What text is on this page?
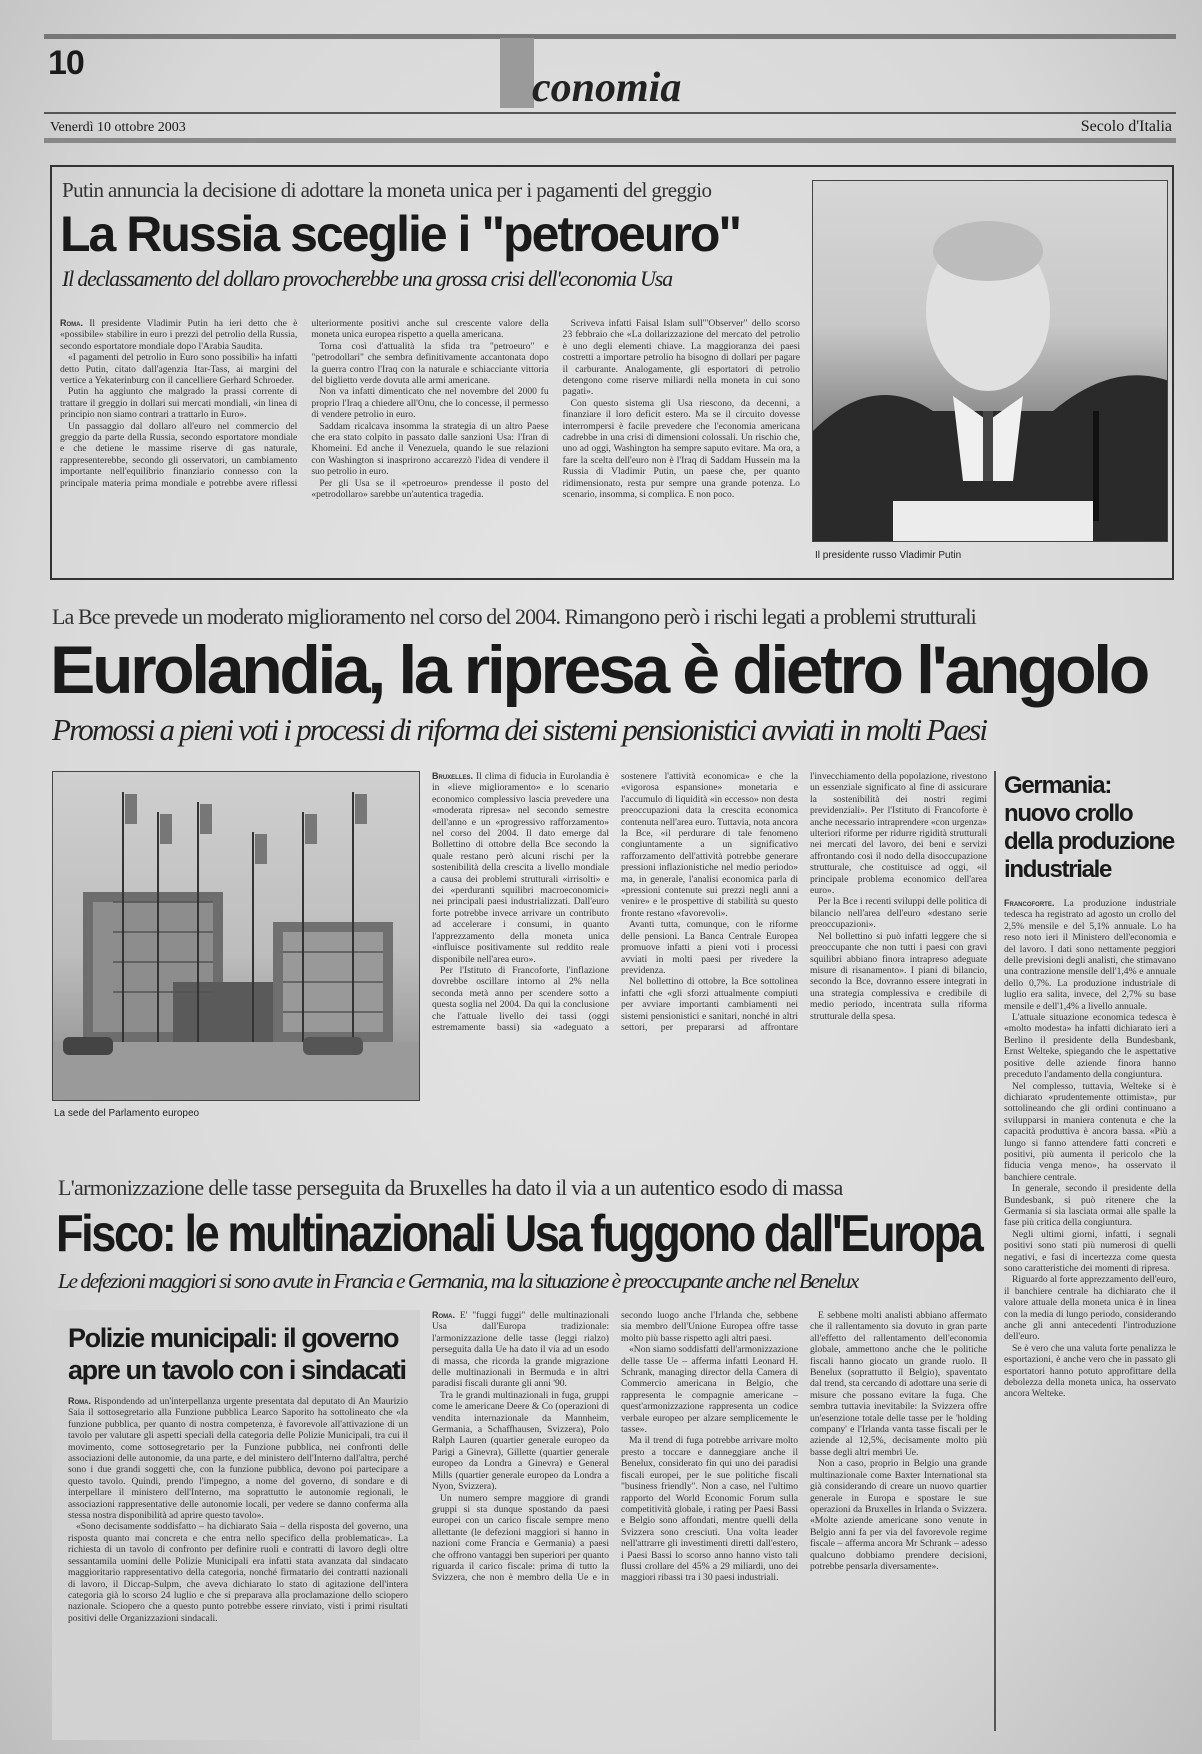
10
conomia
Venerdì 10 ottobre 2003	Secolo d'Italia
Putin annuncia la decisione di adottare la moneta unica per i pagamenti del greggio
La Russia sceglie i "petroeuro"
Il declassamento del dollaro provocherebbe una grossa crisi dell'economia Usa

Roma. Il presidente Vladimir Putin ha ieri detto che è «possibile» stabilire in euro i prezzi del petrolio della Russia, secondo esportatore mondiale dopo l'Arabia Saudita.

«I pagamenti del petrolio in Euro sono possibili» ha infatti detto Putin, citato dall'agenzia Itar-Tass, ai margini del vertice a Yekaterinburg con il cancelliere Gerhard Schroeder.

Putin ha aggiunto che malgrado la prassi corrente di trattare il greggio in dollari sui mercati mondiali, «in linea di principio non siamo contrari a trattarlo in Euro».

Un passaggio dal dollaro all'euro nel commercio del greggio da parte della Russia, secondo esportatore mondiale e che detiene le massime riserve di gas naturale, rappresenterebbe, secondo gli osservatori, un cambiamento importante nell'equilibrio finanziario connesso con la principale materia prima mondiale e potrebbe avere riflessi ulteriormente positivi anche sul crescente valore della moneta unica europea rispetto a quella americana.

Torna così d'attualità la sfida tra "petroeuro" e "petrodollari" che sembra definitivamente accantonata dopo la guerra contro l'Iraq con la naturale e schiacciante vittoria del biglietto verde dovuta alle armi americane.

Non va infatti dimenticato che nel novembre del 2000 fu proprio l'Iraq a chiedere all'Onu, che lo concesse, il permesso di vendere petrolio in euro.

Saddam ricalcava insomma la strategia di un altro Paese che era stato colpito in passato dalle sanzioni Usa: l'Iran di Khomeini. Ed anche il Venezuela, quando le sue relazioni con Washington si inasprirono accarezzò l'idea di vendere il suo petrolio in euro.

Per gli Usa se il «petroeuro» prendesse il posto del «petrodollaro» sarebbe un'autentica tragedia.

Scriveva infatti Faisal Islam sull'"Observer" dello scorso 23 febbraio che «La dollarizzazione del mercato del petrolio è uno degli elementi chiave. La maggioranza dei paesi costretti a importare petrolio ha bisogno di dollari per pagare il carburante. Analogamente, gli esportatori di petrolio detengono come riserve miliardi nella moneta in cui sono pagati».

Con questo sistema gli Usa riescono, da decenni, a finanziare il loro deficit estero. Ma se il circuito dovesse interrompersi è facile prevedere che l'economia americana cadrebbe in una crisi di dimensioni colossali. Un rischio che, uno ad oggi, Washington ha sempre saputo evitare. Ma ora, a fare la scelta dell'euro non è l'Iraq di Saddam Hussein ma la Russia di Vladimir Putin, un paese che, per quanto ridimensionato, resta pur sempre una grande potenza. Lo scenario, insomma, si complica. E non poco.

Il presidente russo Vladimir Putin
La Bce prevede un moderato miglioramento nel corso del 2004. Rimangono però i rischi legati a problemi strutturali
Eurolandia, la ripresa è dietro l'angolo
Promossi a pieni voti i processi di riforma dei sistemi pensionistici avviati in molti Paesi
La sede del Parlamento europeo

Bruxelles. Il clima di fiducia in Eurolandia è in «lieve miglioramento» e lo scenario economico complessivo lascia prevedere una «moderata ripresa» nel secondo semestre dell'anno e un «progressivo rafforzamento» nel corso del 2004. Il dato emerge dal Bollettino di ottobre della Bce secondo la quale restano però alcuni rischi per la sostenibilità della crescita a livello mondiale a causa dei problemi strutturali «irrisolti» e dei «perduranti squilibri macroeconomici» nei principali paesi industrializzati. Dall'euro forte potrebbe invece arrivare un contributo ad accelerare i consumi, in quanto l'apprezzamento della moneta unica «influisce positivamente sul reddito reale disponibile nell'area euro».

Per l'Istituto di Francoforte, l'inflazione dovrebbe oscillare intorno al 2% nella seconda metà anno per scendere sotto a questa soglia nel 2004. Da qui la conclusione che l'attuale livello dei tassi (oggi estremamente bassi) sia «adeguato a sostenere l'attività economica» e che la «vigorosa espansione» monetaria e l'accumulo di liquidità «in eccesso» non desta preoccupazioni data la crescita economica contenuta nell'area euro. Tuttavia, nota ancora la Bce, «il perdurare di tale fenomeno congiuntamente a un significativo rafforzamento dell'attività potrebbe generare pressioni inflazionistiche nel medio periodo» ma, in generale, l'analisi economica parla di «pressioni contenute sui prezzi negli anni a venire» e le prospettive di stabilità su questo fronte restano «favorevoli».

Avanti tutta, comunque, con le riforme delle pensioni. La Banca Centrale Europea promuove infatti a pieni voti i processi avviati in molti paesi per rivedere la previdenza.

Nel bollettino di ottobre, la Bce sottolinea infatti che «gli sforzi attualmente compiuti per avviare importanti cambiamenti nei sistemi pensionistici e sanitari, nonché in altri settori, per prepararsi ad affrontare l'invecchiamento della popolazione, rivestono un essenziale significato al fine di assicurare la sostenibilità dei nostri regimi previdenziali». Per l'Istituto di Francoforte è anche necessario intraprendere «con urgenza» ulteriori riforme per ridurre rigidità strutturali nei mercati del lavoro, dei beni e servizi affrontando così il nodo della disoccupazione strutturale, che costituisce ad oggi, «il principale problema economico dell'area euro».

Per la Bce i recenti sviluppi delle politica di bilancio nell'area dell'euro «destano serie preoccupazioni».

Nel bollettino si può infatti leggere che si preoccupante che non tutti i paesi con gravi squilibri abbiano finora intrapreso adeguate misure di risanamento». I piani di bilancio, secondo la Bce, dovranno essere integrati in una strategia complessiva e credibile di medio periodo, incentrata sulla riforma strutturale della spesa.

Germania: nuovo crollo della produzione industriale

Francoforte. La produzione industriale tedesca ha registrato ad agosto un crollo del 2,5% mensile e del 5,1% annuale. Lo ha reso noto ieri il Ministero dell'economia e del lavoro. I dati sono nettamente peggiori delle previsioni degli analisti, che stimavano una contrazione mensile dell'1,4% e annuale dello 0,7%. La produzione industriale di luglio era salita, invece, del 2,7% su base mensile e dell'1,4% a livello annuale.

L'attuale situazione economica tedesca è «molto modesta» ha infatti dichiarato ieri a Berlino il presidente della Bundesbank, Ernst Welteke, spiegando che le aspettative positive delle aziende finora hanno preceduto l'andamento della congiuntura.

Nel complesso, tuttavia, Welteke si è dichiarato «prudentemente ottimista», pur sottolineando che gli ordini continuano a svilupparsi in maniera contenuta e che la capacità produttiva è ancora bassa. «Più a lungo si fanno attendere fatti concreti e positivi, più aumenta il pericolo che la fiducia venga meno», ha osservato il banchiere centrale.

In generale, secondo il presidente della Bundesbank, si può ritenere che la Germania si sia lasciata ormai alle spalle la fase più critica della congiuntura.

Negli ultimi giorni, infatti, i segnali positivi sono stati più numerosi di quelli negativi, e fasi di incertezza come questa sono caratteristiche dei momenti di ripresa.

Riguardo al forte apprezzamento dell'euro, il banchiere centrale ha dichiarato che il valore attuale della moneta unica è in linea con la media di lungo periodo, considerando anche gli anni antecedenti l'introduzione dell'euro.

Se è vero che una valuta forte penalizza le esportazioni, è anche vero che in passato gli esportatori hanno potuto approfittare della debolezza della moneta unica, ha osservato ancora Welteke.

L'armonizzazione delle tasse perseguita da Bruxelles ha dato il via a un autentico esodo di massa
Fisco: le multinazionali Usa fuggono dall'Europa
Le defezioni maggiori si sono avute in Francia e Germania, ma la situazione è preoccupante anche nel Benelux

Roma. E' "fuggi fuggi" delle multinazionali Usa dall'Europa tradizionale: l'armonizzazione delle tasse (leggi rialzo) perseguita dalla Ue ha dato il via ad un esodo di massa, che ricorda la grande migrazione delle multinazionali in Bermuda e in altri paradisi fiscali durante gli anni '90.

Tra le grandi multinazionali in fuga, gruppi come le americane Deere & Co (operazioni di vendita internazionale da Mannheim, Germania, a Schaffhausen, Svizzera), Polo Ralph Lauren (quartier generale europeo da Parigi a Ginevra), Gillette (quartier generale europeo da Londra a Ginevra) e General Mills (quartier generale europeo da Londra a Nyon, Svizzera).

Un numero sempre maggiore di grandi gruppi si sta dunque spostando da paesi europei con un carico fiscale sempre meno allettante (le defezioni maggiori si hanno in nazioni come Francia e Germania) a paesi che offrono vantaggi ben superiori per quanto riguarda il carico fiscale: prima di tutto la Svizzera, che non è membro della Ue e in secondo luogo anche l'Irlanda che, sebbene sia membro dell'Unione Europea offre tasse molto più basse rispetto agli altri paesi.

«Non siamo soddisfatti dell'armonizzazione delle tasse Ue – afferma infatti Leonard H. Schrank, managing director della Camera di Commercio americana in Belgio, che rappresenta le compagnie americane – quest'armonizzazione rappresenta un codice verbale europeo per alzare semplicemente le tasse».

Ma il trend di fuga potrebbe arrivare molto presto a toccare e danneggiare anche il Benelux, considerato fin qui uno dei paradisi fiscali europei, per le sue politiche fiscali "business friendly". Non a caso, nel l'ultimo rapporto del World Economic Forum sulla competitività globale, i rating per Paesi Bassi e Belgio sono affondati, mentre quelli della Svizzera sono cresciuti. Una volta leader nell'attrarre gli investimenti diretti dall'estero, i Paesi Bassi lo scorso anno hanno visto tali flussi crollare del 45% a 29 miliardi, uno dei maggiori ribassi tra i 30 paesi industriali.

E sebbene molti analisti abbiano affermato che il rallentamento sia dovuto in gran parte all'effetto del rallentamento dell'economia globale, ammettono anche che le politiche fiscali hanno giocato un grande ruolo. Il Benelux (soprattutto il Belgio), spaventato dal trend, sta cercando di adottare una serie di misure che possano evitare la fuga. Che sembra tuttavia inevitabile: la Svizzera offre un'esenzione totale delle tasse per le 'holding company' e l'Irlanda vanta tasse fiscali per le aziende al 12,5%, decisamente molto più basse degli altri membri Ue.

Non a caso, proprio in Belgio una grande multinazionale come Baxter International sta già considerando di creare un nuovo quartier generale in Europa e spostare le sue operazioni da Bruxelles in Irlanda o Svizzera. «Molte aziende americane sono venute in Belgio anni fa per via del favorevole regime fiscale – afferma ancora Mr Schrank – adesso qualcuno dobbiamo prendere decisioni, potrebbe pensarla diversamente».

Polizie municipali: il governo apre un tavolo con i sindacati

Roma. Rispondendo ad un'interpellanza urgente presentata dal deputato di An Maurizio Saia il sottosegretario alla Funzione pubblica Learco Saporito ha sottolineato che «la funzione pubblica, per quanto di nostra competenza, è favorevole all'attivazione di un tavolo per valutare gli aspetti speciali della categoria delle Polizie Municipali, tra cui il movimento, come sottosegretario per la Funzione pubblica, nei confronti delle associazioni delle autonomie, da una parte, e del ministero dell'Interno dall'altra, perché sono i due grandi soggetti che, con la funzione pubblica, devono poi partecipare a questo tavolo. Quindi, prendo l'impegno, a nome del governo, di sondare e di interpellare il ministero dell'Interno, ma soprattutto le autonomie regionali, le associazioni rappresentative delle autonomie locali, per vedere se danno conferma alla stessa nostra disponibilità ad aprire questo tavolo».

«Sono decisamente soddisfatto – ha dichiarato Saia – della risposta del governo, una risposta quanto mai concreta e che entra nello specifico della problematica». La richiesta di un tavolo di confronto per definire ruoli e contratti di lavoro degli oltre sessantamila uomini delle Polizie Municipali era infatti stata avanzata dal sindacato maggioritario rappresentativo della categoria, nonché firmatario dei contratti nazionali di lavoro, il Diccap-Sulpm, che aveva dichiarato lo stato di agitazione dell'intera categoria già lo scorso 24 luglio e che si preparava alla proclamazione dello sciopero nazionale. Sciopero che a questo punto potrebbe essere rinviato, visti i primi risultati positivi delle Organizzazioni sindacali.
